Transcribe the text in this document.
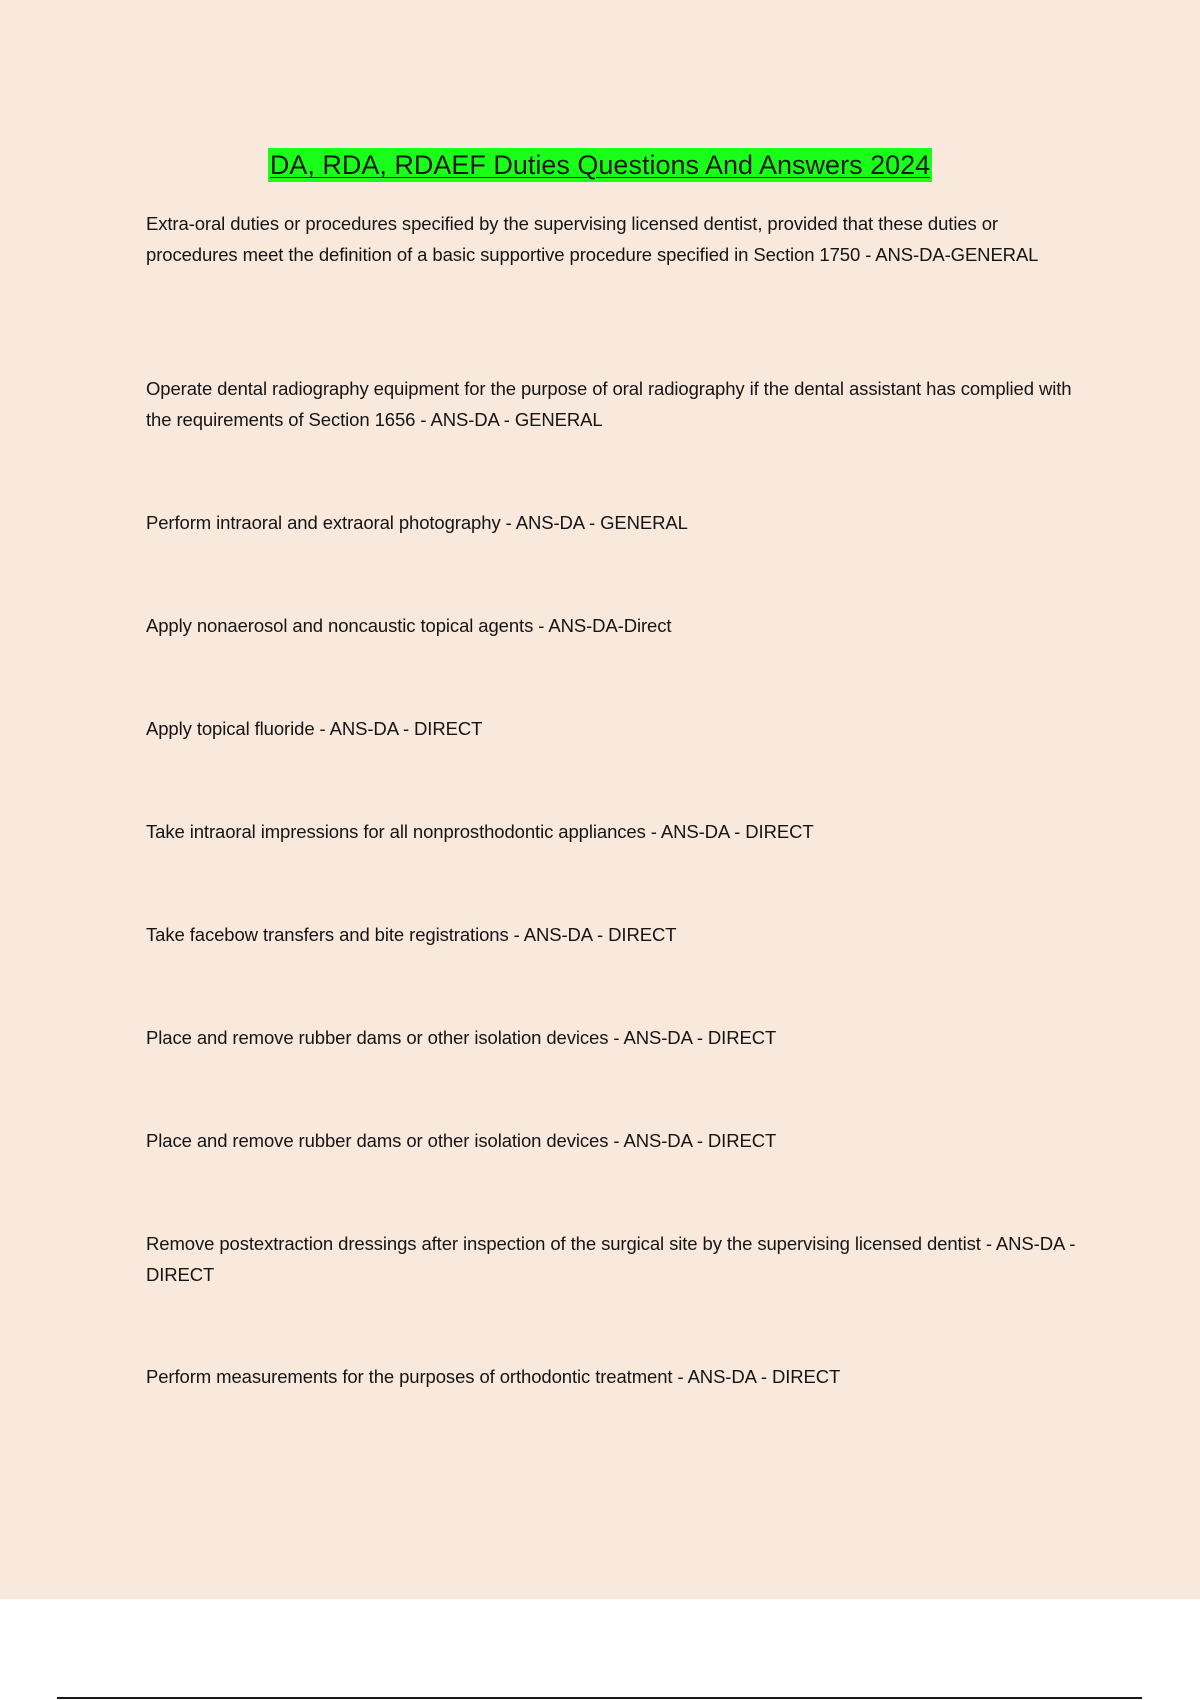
DA, RDA, RDAEF Duties Questions And Answers 2024

Extra-oral duties or procedures specified by the supervising licensed dentist, provided that these duties or procedures meet the definition of a basic supportive procedure specified in Section 1750 - ANS-DA-GENERAL

Operate dental radiography equipment for the purpose of oral radiography if the dental assistant has complied with the requirements of Section 1656 - ANS-DA - GENERAL

Perform intraoral and extraoral photography - ANS-DA - GENERAL

Apply nonaerosol and noncaustic topical agents - ANS-DA-Direct

Apply topical fluoride - ANS-DA - DIRECT

Take intraoral impressions for all nonprosthodontic appliances - ANS-DA - DIRECT

Take facebow transfers and bite registrations - ANS-DA - DIRECT

Place and remove rubber dams or other isolation devices - ANS-DA - DIRECT

Place and remove rubber dams or other isolation devices - ANS-DA - DIRECT

Remove postextraction dressings after inspection of the surgical site by the supervising licensed dentist - ANS-DA - DIRECT

Perform measurements for the purposes of orthodontic treatment - ANS-DA - DIRECT
